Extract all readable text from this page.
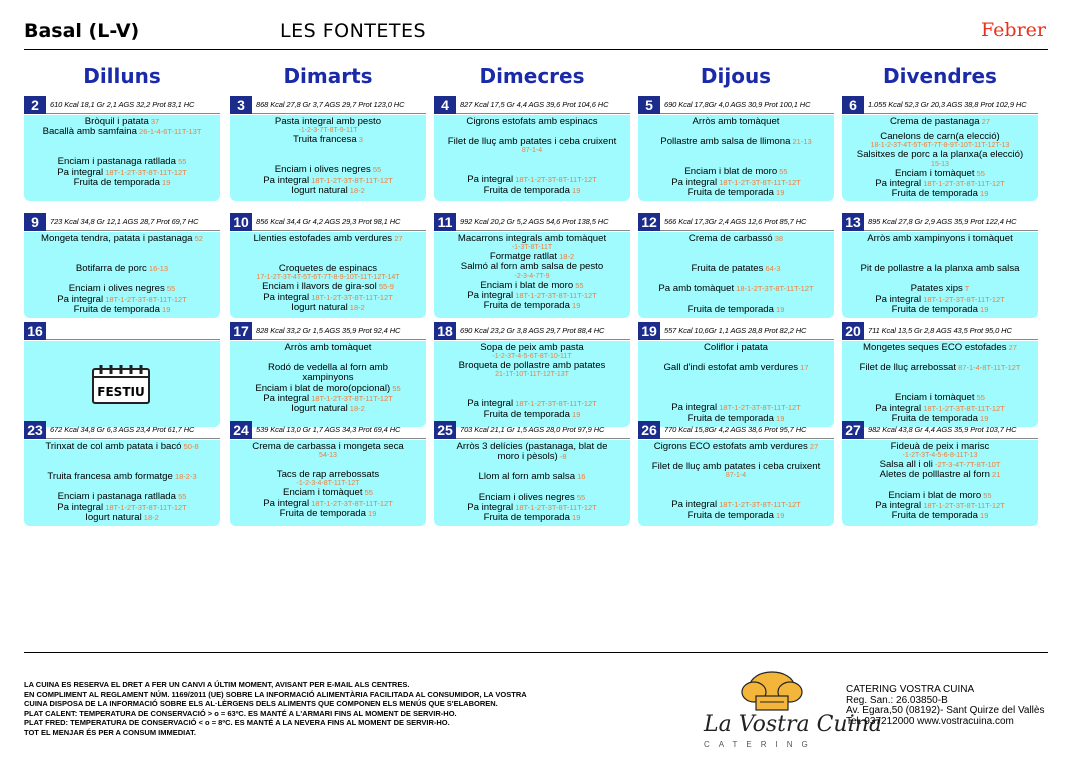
Basal (L-V)	LES FONTETES	Febrer
Dilluns	Dimarts	Dimecres	Dijous	Divendres
2	610 Kcal 18,1 Gr 2,1 AGS 32,2 Prot 83,1 HC
Bròquil i patata 37
Bacallà amb samfaina 26-1-4-6T-11T-13T
Enciam i pastanaga ratllada 55
Pa integral 18T-1-2T-3T-8T-11T-12T
Fruita de temporada 19
3	868 Kcal 27,8 Gr 3,7 AGS 29,7 Prot 123,0 HC
Pasta integral amb pesto
-1-2-3-7T-8T-9-11T
Truita francesa 3
Enciam i olives negres 55
Pa integral 18T-1-2T-3T-8T-11T-12T
Iogurt natural 18-2
4	827 Kcal 17,5 Gr 4,4 AGS 39,6 Prot 104,6 HC
Cigrons estofats amb espinacs
Filet de lluç amb patates i ceba cruixent
87-1-4
Pa integral 18T-1-2T-3T-8T-11T-12T
Fruita de temporada 19
5	690 Kcal 17,8Gr 4,0 AGS 30,9 Prot 100,1 HC
Arròs amb tomàquet
Pollastre amb salsa de llimona 21-13
Enciam i blat de moro 55
Pa integral 18T-1-2T-3T-8T-11T-12T
Fruita de temporada 19
6	1.055 Kcal 52,3 Gr 20,3 AGS 38,8 Prot 102,9 HC
Crema de pastanaga 27
Canelons de carn(a elecció)
18-1-2-3T-4T-5T-6T-7T-8-9T-10T-11T-12T-13
Salsitxes de porc a la planxa(a elecció)
15-13
Enciam i tomàquet 55
Pa integral 18T-1-2T-3T-8T-11T-12T
Fruita de temporada 19
9	723 Kcal 34,8 Gr 12,1 AGS 28,7 Prot 69,7 HC
Mongeta tendra, patata i pastanaga 52
Botifarra de porc 16-13
Enciam i olives negres 55
Pa integral 18T-1-2T-3T-8T-11T-12T
Fruita de temporada 19
10 856 Kcal 34,4 Gr 4,2 AGS 29,3 Prot 98,1 HC
Llenties estofades amb verdures 27
Croquetes de espinacs
17-1-2T-3T-4T-5T-6T-7T-8-9-10T-11T-12T-14T
Enciam i llavors de gira-sol 55-9
Pa integral 18T-1-2T-3T-8T-11T-12T
Iogurt natural 18-2
11	992 Kcal 20,2 Gr 5,2 AGS 54,6 Prot 138,5 HC
Macarrons integrals amb tomàquet
-1-3T-8T-11T
Formatge ratllat 18-2
Salmó al forn amb salsa de pesto
-2-3-4-7T-9
Enciam i blat de moro 55
Pa integral 18T-1-2T-3T-8T-11T-12T
Fruita de temporada 19
12 566 Kcal 17,3Gr 2,4 AGS 12,6 Prot 85,7 HC
Crema de carbassó 38
Fruita de patates 64-3
Pa amb tomàquet 18-1-2T-3T-8T-11T-12T
Fruita de temporada 19
13 895 Kcal 27,8 Gr 2,9 AGS 35,9 Prot 122,4 HC
Arròs amb xampinyons i tomàquet
Pit de pollastre a la planxa amb salsa
Patates xips T
Pa integral 18T-1-2T-3T-8T-11T-12T
Fruita de temporada 19
16
FESTIU
17 828 Kcal 33,2 Gr 1,5 AGS 35,9 Prot 92,4 HC
Arròs amb tomàquet
Rodó de vedella al forn amb
xampinyons
Enciam i blat de moro(opcional) 55
Pa integral 18T-1-2T-3T-8T-11T-12T
Iogurt natural 18-2
18 690 Kcal 23,2 Gr 3,8 AGS 29,7 Prot 88,4 HC
Sopa de peix amb pasta
-1-2-3T-4-5-6T-8T-10-11T
Broqueta de pollastre amb patates
21-1T-10T-11T-12T-13T
Pa integral 18T-1-2T-3T-8T-11T-12T
Fruita de temporada 19
19 557 Kcal 10,6Gr 1,1 AGS 28,8 Prot 82,2 HC
Coliflor i patata
Gall d'indi estofat amb verdures 17
Pa integral 18T-1-2T-3T-8T-11T-12T
Fruita de temporada 19
20 711 Kcal 13,5 Gr 2,8 AGS 43,5 Prot 95,0 HC
Mongetes seques ECO estofades 27
Filet de lluç arrebossat 87-1-4-8T-11T-12T
Enciam i tomàquet 55
Pa integral 18T-1-2T-3T-8T-11T-12T
Fruita de temporada 19
23 672 Kcal 34,8 Gr 6,3 AGS 23,4 Prot 61,7 HC
Trinxat de col amb patata i bacó 50-8
Truita francesa amb formatge 18-2-3
Enciam i pastanaga ratllada 55
Pa integral 18T-1-2T-3T-8T-11T-12T
Iogurt natural 18-2
24 539 Kcal 13,0 Gr 1,7 AGS 34,3 Prot 69,4 HC
Crema de carbassa i mongeta seca
54-13
Tacs de rap arrebossats
-1-2-3-4-8T-11T-12T
Enciam i tomàquet 55
Pa integral 18T-1-2T-3T-8T-11T-12T
Fruita de temporada 19
25 703 Kcal 21,1 Gr 1,5 AGS 28,0 Prot 97,9 HC
Arròs 3 delícies (pastanaga, blat de
moro i pèsols) -8
Llom al forn amb salsa 16
Enciam i olives negres 55
Pa integral 18T-1-2T-3T-8T-11T-12T
Fruita de temporada 19
26 770 Kcal 15,8Gr 4,2 AGS 38,6 Prot 95,7 HC
Cigrons ECO estofats amb verdures 27
Filet de lluç amb patates i ceba cruixent
87-1-4
Pa integral 18T-1-2T-3T-8T-11T-12T
Fruita de temporada 19
27 982 Kcal 43,8 Gr 4,4 AGS 35,9 Prot 103,7 HC
Fideuà de peix i marisc
-1-2T-3T-4-5-6-8-11T-13
Salsa all i oli -2T-3-4T-7T-8T-10T
Aletes de polllastre al forn 21
Enciam i blat de moro 55
Pa integral 18T-1-2T-3T-8T-11T-12T
Fruita de temporada 19
LA CUINA ES RESERVA EL DRET A FER UN CANVI A ÚLTIM MOMENT, AVISANT PER E-MAIL ALS CENTRES.
EN COMPLIMENT AL REGLAMENT NÚM. 1169/2011 (UE) SOBRE LA INFORMACIÓ ALIMENTÀRIA FACILITADA AL CONSUMIDOR, LA VOSTRA
CUINA DISPOSA DE LA INFORMACIÓ SOBRE ELS AL·LÈRGENS DELS ALIMENTS QUE COMPONEN ELS MENÚS QUE S'ELABOREN.
PLAT CALENT: TEMPERATURA DE CONSERVACIÓ > o = 63ºC. ES MANTÉ A L'ARMARI FINS AL MOMENT DE SERVIR-HO.
PLAT FRED: TEMPERATURA DE CONSERVACIÓ < o = 8ºC. ES MANTÉ A LA NEVERA FINS AL MOMENT DE SERVIR-HO.
TOT EL MENJAR ÉS PER A CONSUM IMMEDIAT.	La Vostra Cuina
CATERING
CATERING VOSTRA CUINA
Reg. San.: 26.03850-B
Av. Egara,50 (08192)- Sant Quirze del Vallès
Tel. 937212000 www.vostracuina.com
